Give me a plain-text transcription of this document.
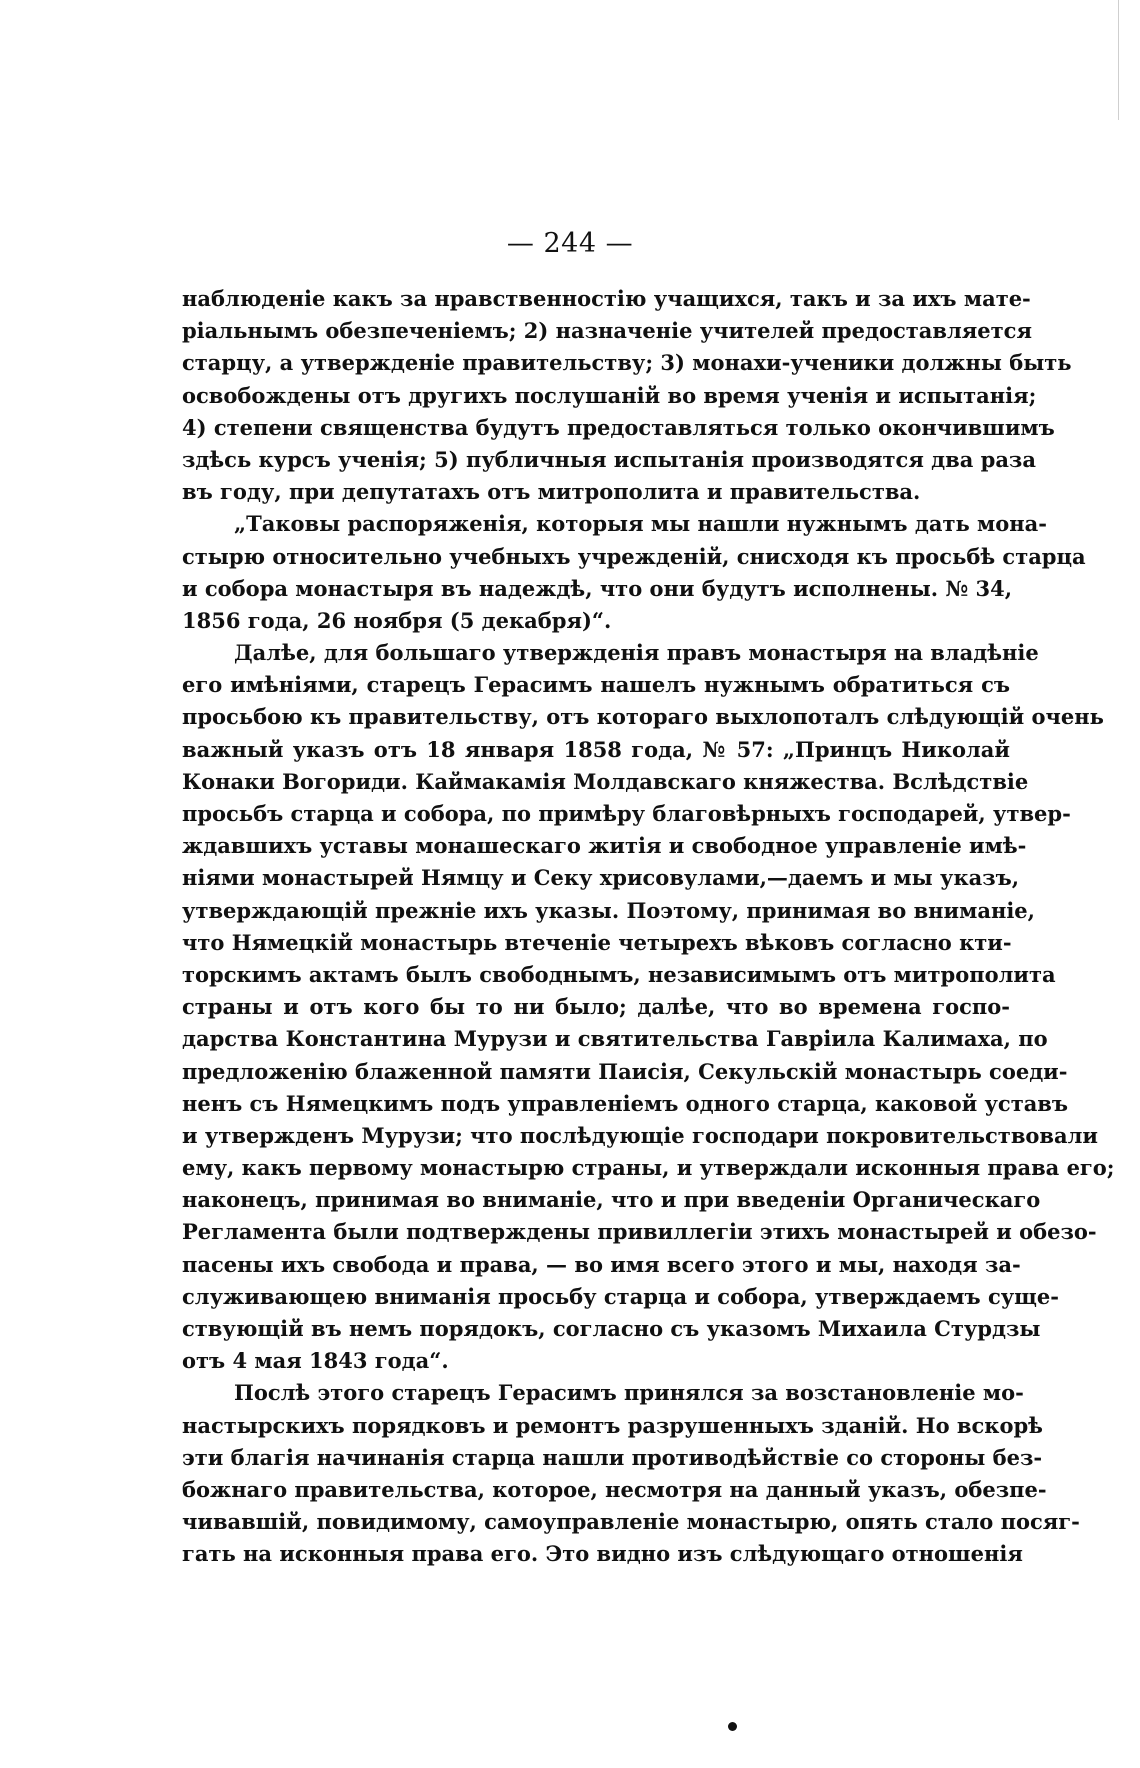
— 244 —
наблюденіе какъ за нравственностію учащихся, такъ и за ихъ мате-
ріальнымъ обезпеченіемъ; 2) назначеніе учителей предоставляется
старцу, а утвержденіе правительству; 3) монахи-ученики должны быть
освобождены отъ другихъ послушаній во время ученія и испытанія;
4) степени священства будутъ предоставляться только окончившимъ
здѣсь курсъ ученія; 5) публичныя испытанія производятся два раза
въ году, при депутатахъ отъ митрополита и правительства.
„Таковы распоряженія, которыя мы нашли нужнымъ дать мона-
стырю относительно учебныхъ учрежденій, снисходя къ просьбѣ старца
и собора монастыря въ надеждѣ, что они будутъ исполнены. № 34,
1856 года, 26 ноября (5 декабря)“.
Далѣе, для большаго утвержденія правъ монастыря на владѣніе
его имѣніями, старецъ Герасимъ нашелъ нужнымъ обратиться съ
просьбою къ правительству, отъ котораго выхлопоталъ слѣдующій очень
важный указъ отъ 18 января 1858 года, № 57: „Принцъ Николай
Конаки Вогориди. Каймакамія Молдавскаго княжества. Вслѣдствіе
просьбъ старца и собора, по примѣру благовѣрныхъ господарей, утвер-
ждавшихъ уставы монашескаго житія и свободное управленіе имѣ-
ніями монастырей Нямцу и Секу хрисовулами,—даемъ и мы указъ,
утверждающій прежніе ихъ указы. Поэтому, принимая во вниманіе,
что Нямецкій монастырь втеченіе четырехъ вѣковъ согласно кти-
торскимъ актамъ былъ свободнымъ, независимымъ отъ митрополита
страны и отъ кого бы то ни было; далѣе, что во времена госпо-
дарства Константина Мурузи и святительства Гавріила Калимаха, по
предложенію блаженной памяти Паисія, Секульскій монастырь соеди-
ненъ съ Нямецкимъ подъ управленіемъ одного старца, каковой уставъ
и утвержденъ Мурузи; что послѣдующіе господари покровительствовали
ему, какъ первому монастырю страны, и утверждали исконныя права его;
наконецъ, принимая во вниманіе, что и при введеніи Органическаго
Регламента были подтверждены привиллегіи этихъ монастырей и обезо-
пасены ихъ свобода и права, — во имя всего этого и мы, находя за-
служивающею вниманія просьбу старца и собора, утверждаемъ суще-
ствующій въ немъ порядокъ, согласно съ указомъ Михаила Стурдзы
отъ 4 мая 1843 года“.
Послѣ этого старецъ Герасимъ принялся за возстановленіе мо-
настырскихъ порядковъ и ремонтъ разрушенныхъ зданій. Но вскорѣ
эти благія начинанія старца нашли противодѣйствіе со стороны без-
божнаго правительства, которое, несмотря на данный указъ, обезпе-
чивавшій, повидимому, самоуправленіе монастырю, опять стало посяг-
гать на исконныя права его. Это видно изъ слѣдующаго отношенія
